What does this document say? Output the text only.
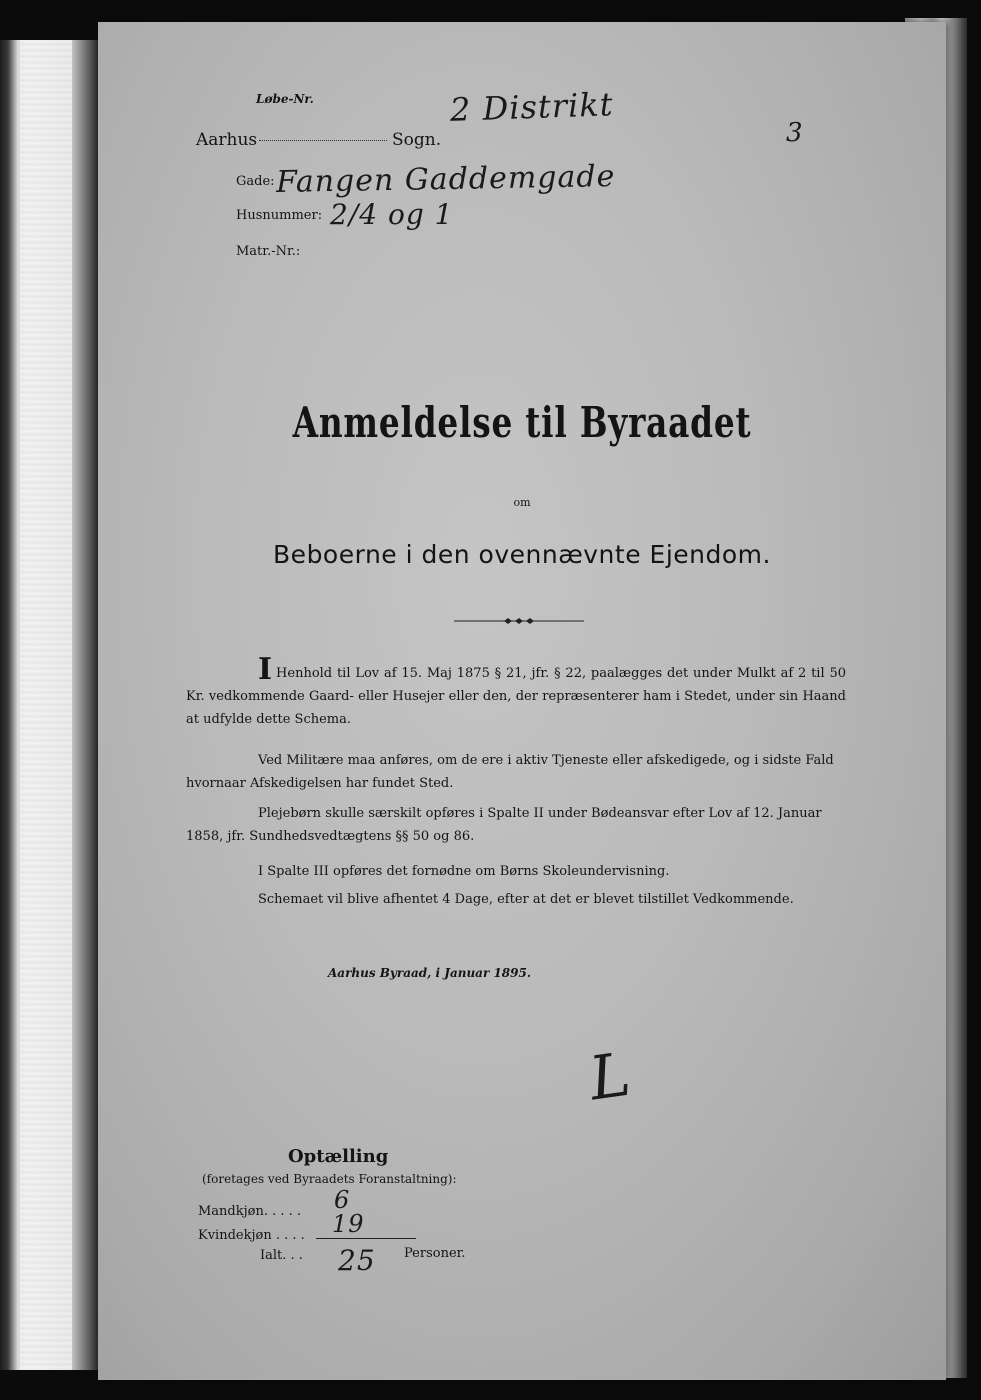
Løbe-Nr.
Aarhus	Sogn.
Gade:
Husnummer:
Matr.-Nr.:
2 Distrikt
3
Fangen Gaddemgade
2/4 og 1
Anmeldelse til Byraadet
om
Beboerne i den ovennævnte Ejendom.
I Henhold til Lov af 15. Maj 1875 § 21, jfr. § 22, paalægges det under Mulkt af 2 til 50 Kr. vedkommende Gaard- eller Husejer eller den, der repræsenterer ham i Stedet, under sin Haand at udfylde dette Schema.
Ved Militære maa anføres, om de ere i aktiv Tjeneste eller afskedigede, og i sidste Fald hvornaar Afskedigelsen har fundet Sted.
Plejebørn skulle særskilt opføres i Spalte II under Bødeansvar efter Lov af 12. Januar 1858, jfr. Sundhedsvedtægtens §§ 50 og 86.
I Spalte III opføres det fornødne om Børns Skoleundervisning.
Schemaet vil blive afhentet 4 Dage, efter at det er blevet tilstillet Vedkommende.
Aarhus Byraad, i Januar 1895.
L
Optælling
(foretages ved Byraadets Foranstaltning):
Mandkjøn. . . . .
Kvindekjøn . . . .
Ialt. . .
6
19
25 Personer.
